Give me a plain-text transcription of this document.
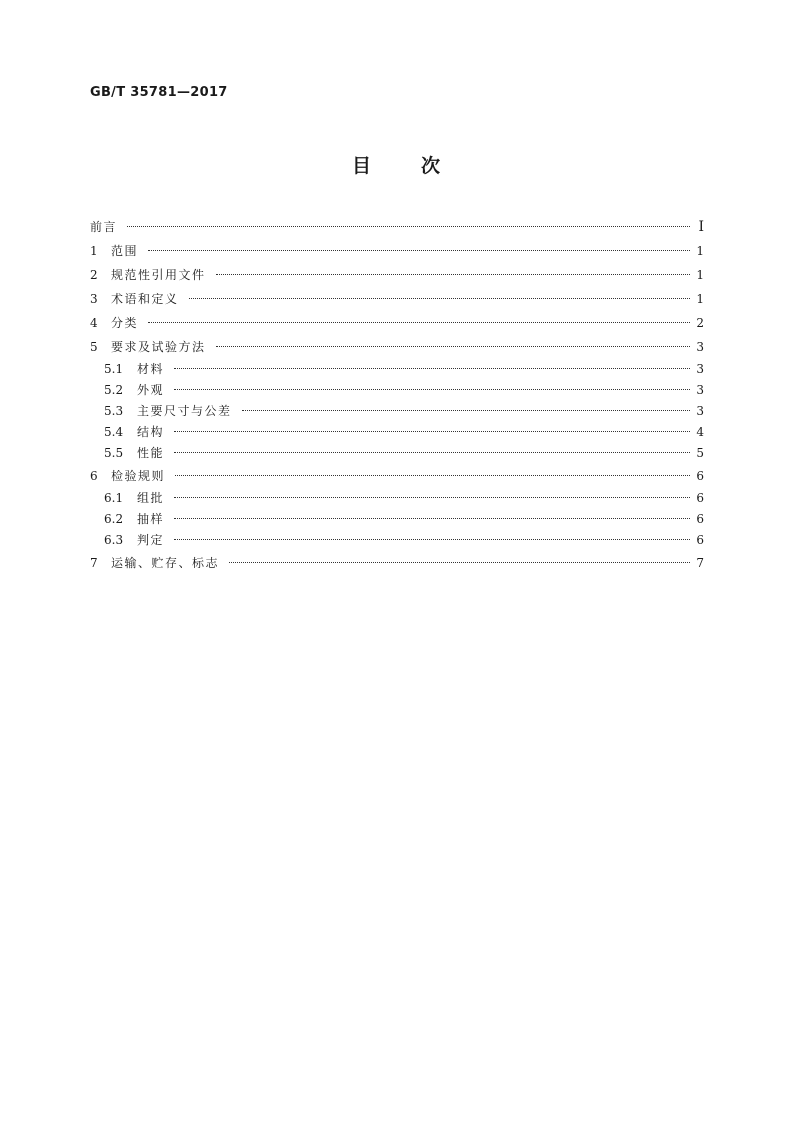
GB/T 35781—2017
目	次
前言	I
1	范围	1
2	规范性引用文件	1
3	术语和定义	1
4	分类	2
5	要求及试验方法	3
5.1	材料	3
5.2	外观	3
5.3	主要尺寸与公差	3
5.4	结构	4
5.5	性能	5
6	检验规则	6
6.1	组批	6
6.2	抽样	6
6.3	判定	6
7	运输、贮存、标志	7
